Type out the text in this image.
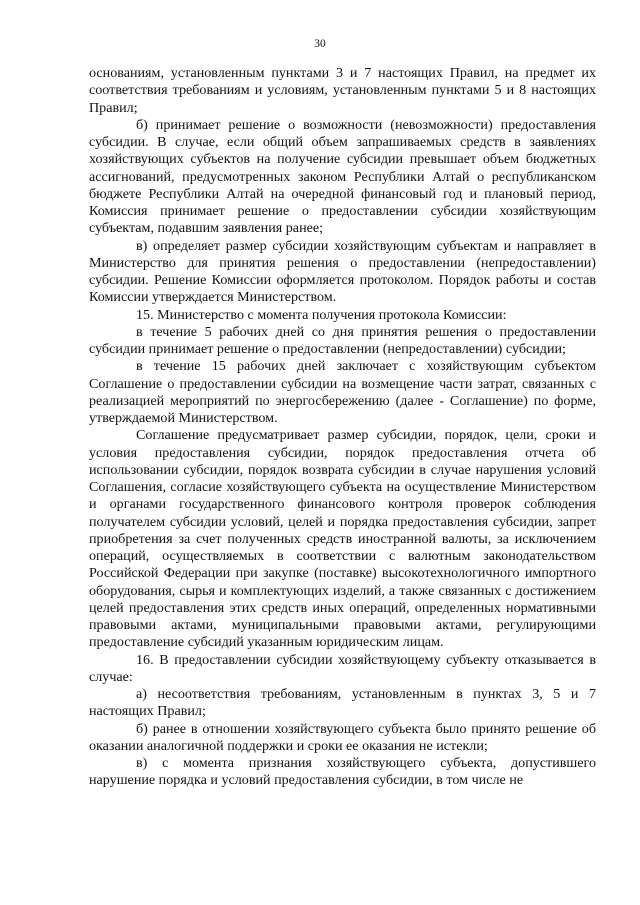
30

основаниям, установленным пунктами 3 и 7 настоящих Правил, на предмет их соответствия требованиям и условиям, установленным пунктами 5 и 8 настоящих Правил;

б) принимает решение о возможности (невозможности) предоставления субсидии. В случае, если общий объем запрашиваемых средств в заявлениях хозяйствующих субъектов на получение субсидии превышает объем бюджетных ассигнований, предусмотренных законом Республики Алтай о республиканском бюджете Республики Алтай на очередной финансовый год и плановый период, Комиссия принимает решение о предоставлении субсидии хозяйствующим субъектам, подавшим заявления ранее;

в) определяет размер субсидии хозяйствующим субъектам и направляет в Министерство для принятия решения о предоставлении (непредоставлении) субсидии. Решение Комиссии оформляется протоколом. Порядок работы и состав Комиссии утверждается Министерством.

15. Министерство с момента получения протокола Комиссии:

в течение 5 рабочих дней со дня принятия решения о предоставлении субсидии принимает решение о предоставлении (непредоставлении) субсидии;

в течение 15 рабочих дней заключает с хозяйствующим субъектом Соглашение о предоставлении субсидии на возмещение части затрат, связанных с реализацией мероприятий по энергосбережению (далее - Соглашение) по форме, утверждаемой Министерством.

Соглашение предусматривает размер субсидии, порядок, цели, сроки и условия предоставления субсидии, порядок предоставления отчета об использовании субсидии, порядок возврата субсидии в случае нарушения условий Соглашения, согласие хозяйствующего субъекта на осуществление Министерством и органами государственного финансового контроля проверок соблюдения получателем субсидии условий, целей и порядка предоставления субсидии, запрет приобретения за счет полученных средств иностранной валюты, за исключением операций, осуществляемых в соответствии с валютным законодательством Российской Федерации при закупке (поставке) высокотехнологичного импортного оборудования, сырья и комплектующих изделий, а также связанных с достижением целей предоставления этих средств иных операций, определенных нормативными правовыми актами, муниципальными правовыми актами, регулирующими предоставление субсидий указанным юридическим лицам.

16. В предоставлении субсидии хозяйствующему субъекту отказывается в случае:

а) несоответствия требованиям, установленным в пунктах 3, 5 и 7 настоящих Правил;

б) ранее в отношении хозяйствующего субъекта было принято решение об оказании аналогичной поддержки и сроки ее оказания не истекли;

в) с момента признания хозяйствующего субъекта, допустившего нарушение порядка и условий предоставления субсидии, в том числе не
